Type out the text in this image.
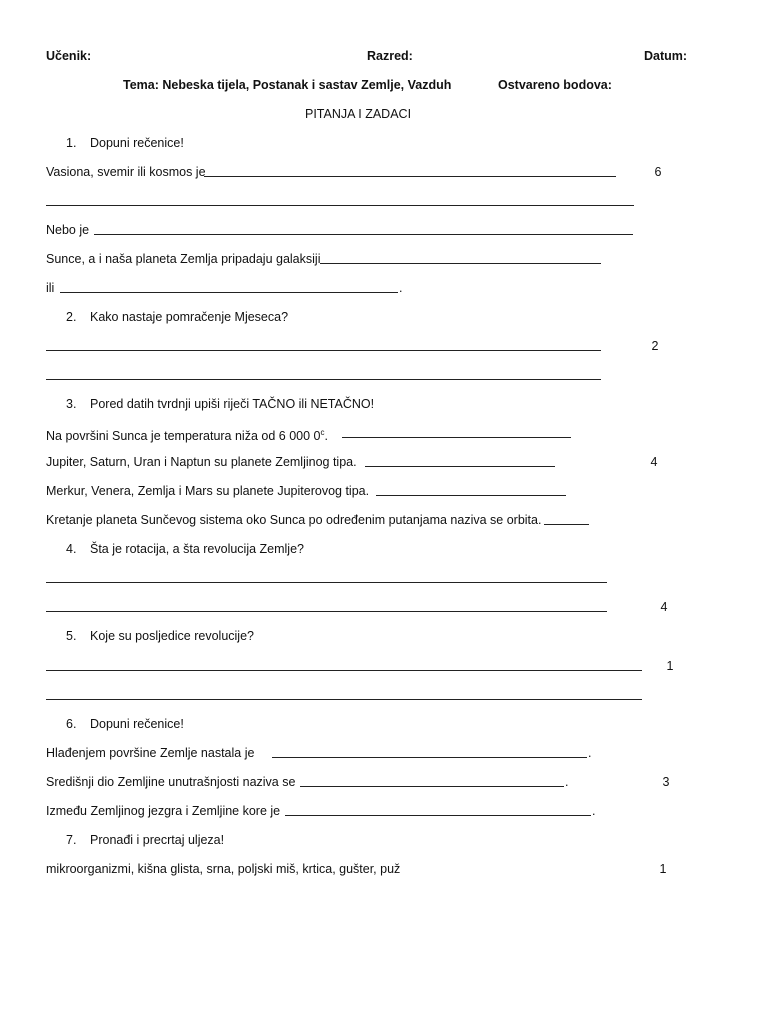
Učenik:	Razred:	Datum:
Tema: Nebeska tijela, Postanak i sastav Zemlje, Vazduh	Ostvareno bodova:
PITANJA I ZADACI
1. Dopuni rečenice!
Vasiona, svemir ili kosmos je	6
Nebo je
Sunce, a i naša planeta Zemlja pripadaju galaksiji
ili	.
2. Kako nastaje pomračenje Mjeseca?
2
3. Pored datih tvrdnji upiši riječi TAČNO ili NETAČNO!
Na površini Sunca je temperatura niža od 6 000 0$^c$.
Jupiter, Saturn, Uran i Naptun su planete Zemljinog tipa.	4
Merkur, Venera, Zemlja i Mars su planete Jupiterovog tipa.
Kretanje planeta Sunčevog sistema oko Sunca po određenim putanjama naziva se orbita.
4. Šta je rotacija, a šta revolucija Zemlje?
4
5. Koje su posljedice revolucije?
1
6. Dopuni rečenice!
Hlađenjem površine Zemlje nastala je	.
Središnji dio Zemljine unutrašnjosti naziva se	.	3
Između Zemljinog jezgra i Zemljine kore je	.
7. Pronađi i precrtaj uljeza!
mikroorganizmi, kišna glista, srna, poljski miš, krtica, gušter, puž	1
